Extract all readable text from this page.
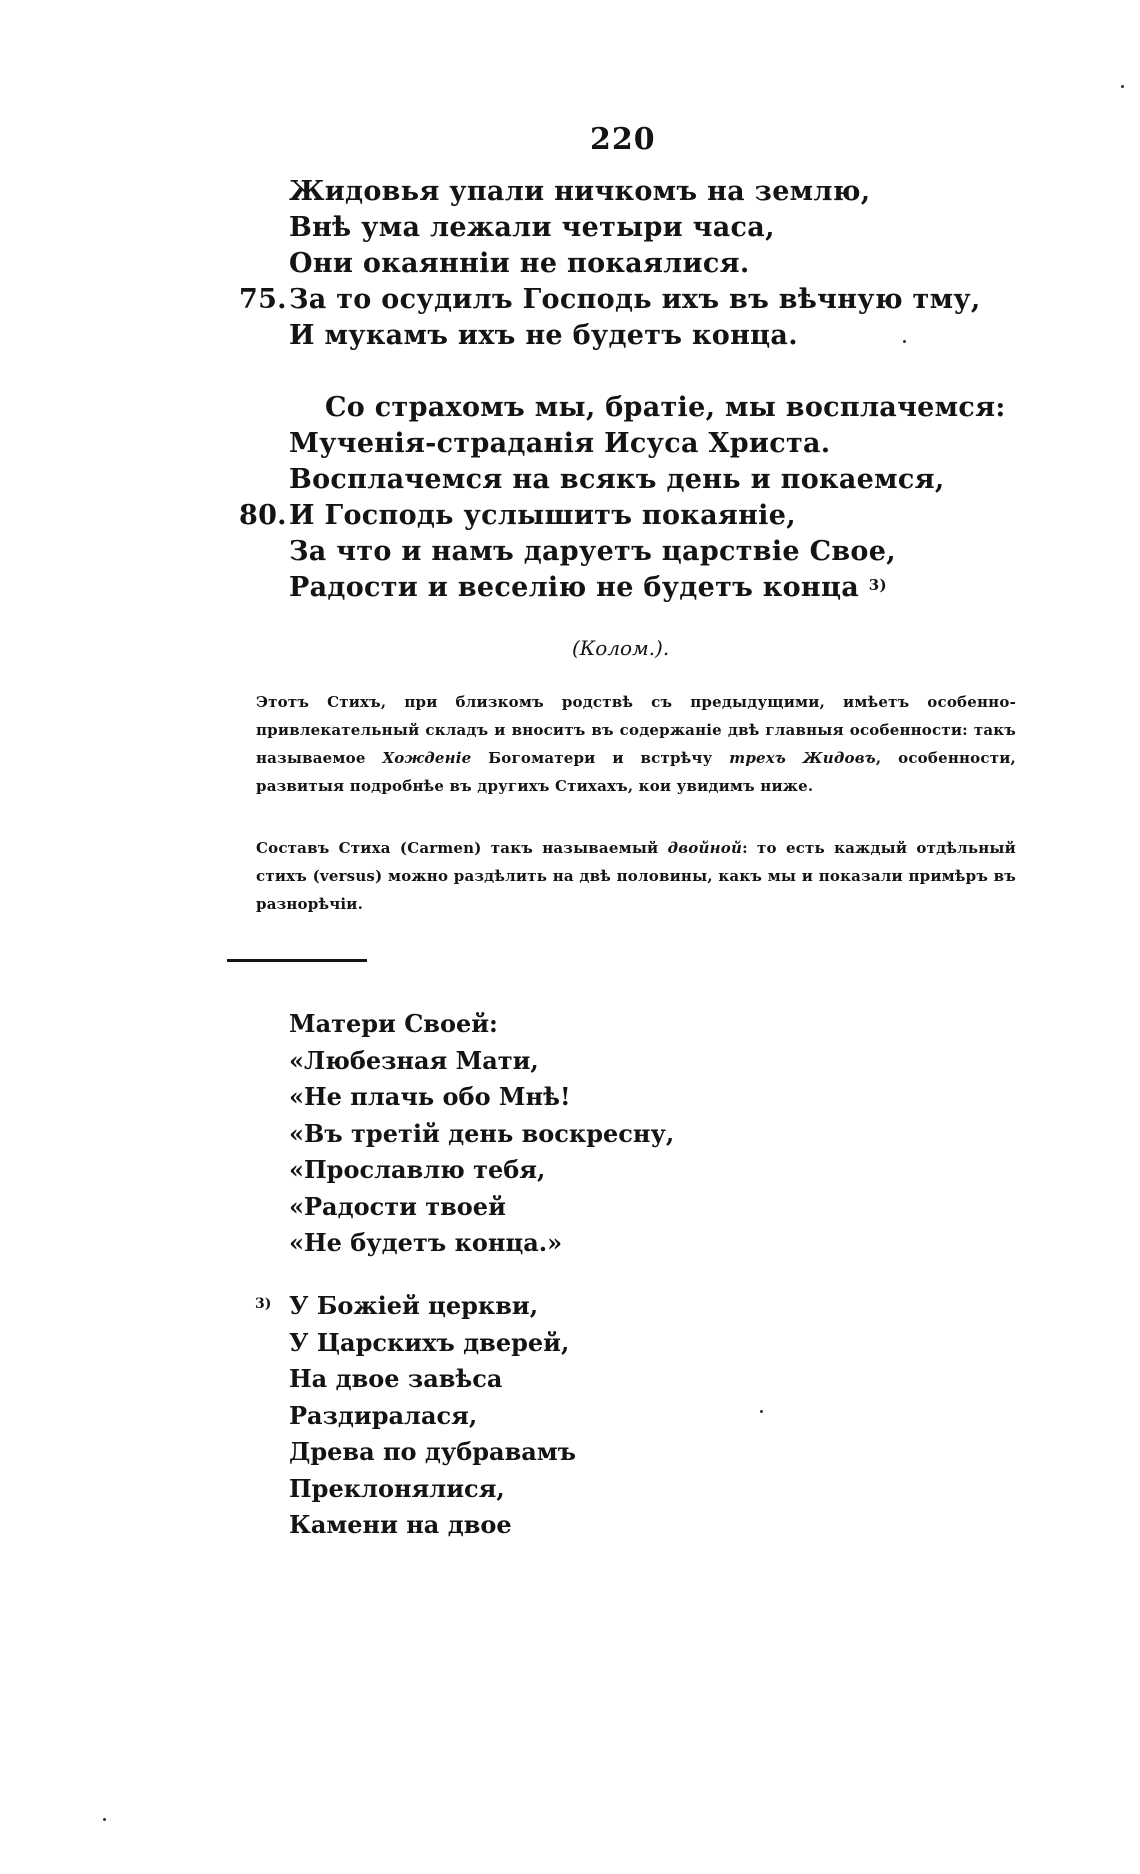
220
Жидовья упали ничкомъ на землю,
Внѣ ума лежали четыри часа,
Они окаяннiи не покаялися.
75. За то осудилъ Господь ихъ въ вѣчную тму,
И мукамъ ихъ не будетъ конца.
Со страхомъ мы, братiе, мы восплачемся:
Мученiя-страданiя Исуса Христа.
Восплачемся на всякъ день и покаемся,
80. И Господь услышитъ покаянiе,
За что и намъ даруетъ царствiе Свое,
Радости и веселiю не будетъ конца $^{3)}$
(Колом.).
Этотъ Стихъ, при близкомъ родствѣ съ предыдущими, имѣетъ особенно-привлекательный складъ и вноситъ въ содержанiе двѣ главныя особенности: такъ называемое Хожденiе Богоматери и встрѣчу трехъ Жидовъ, особенности, развитыя подробнѣе въ другихъ Стихахъ, кои увидимъ ниже.
Составъ Стиха (Carmen) такъ называемый двойной: то есть каждый отдѣльный стихъ (versus) можно раздѣлить на двѣ половины, какъ мы и показали примѣръ въ разнорѣчiи.
Матери Своей:
«Любезная Мати,
«Не плачь обо Мнѣ!
«Въ третiй день воскресну,
«Прославлю тебя,
«Радости твоей
«Не будетъ конца.»
$^{3)}$ У Божiей церкви,
У Царскихъ дверей,
На двое завѣса
Раздиралася,
Древа по дубравамъ
Преклонялися,
Камени на двое
